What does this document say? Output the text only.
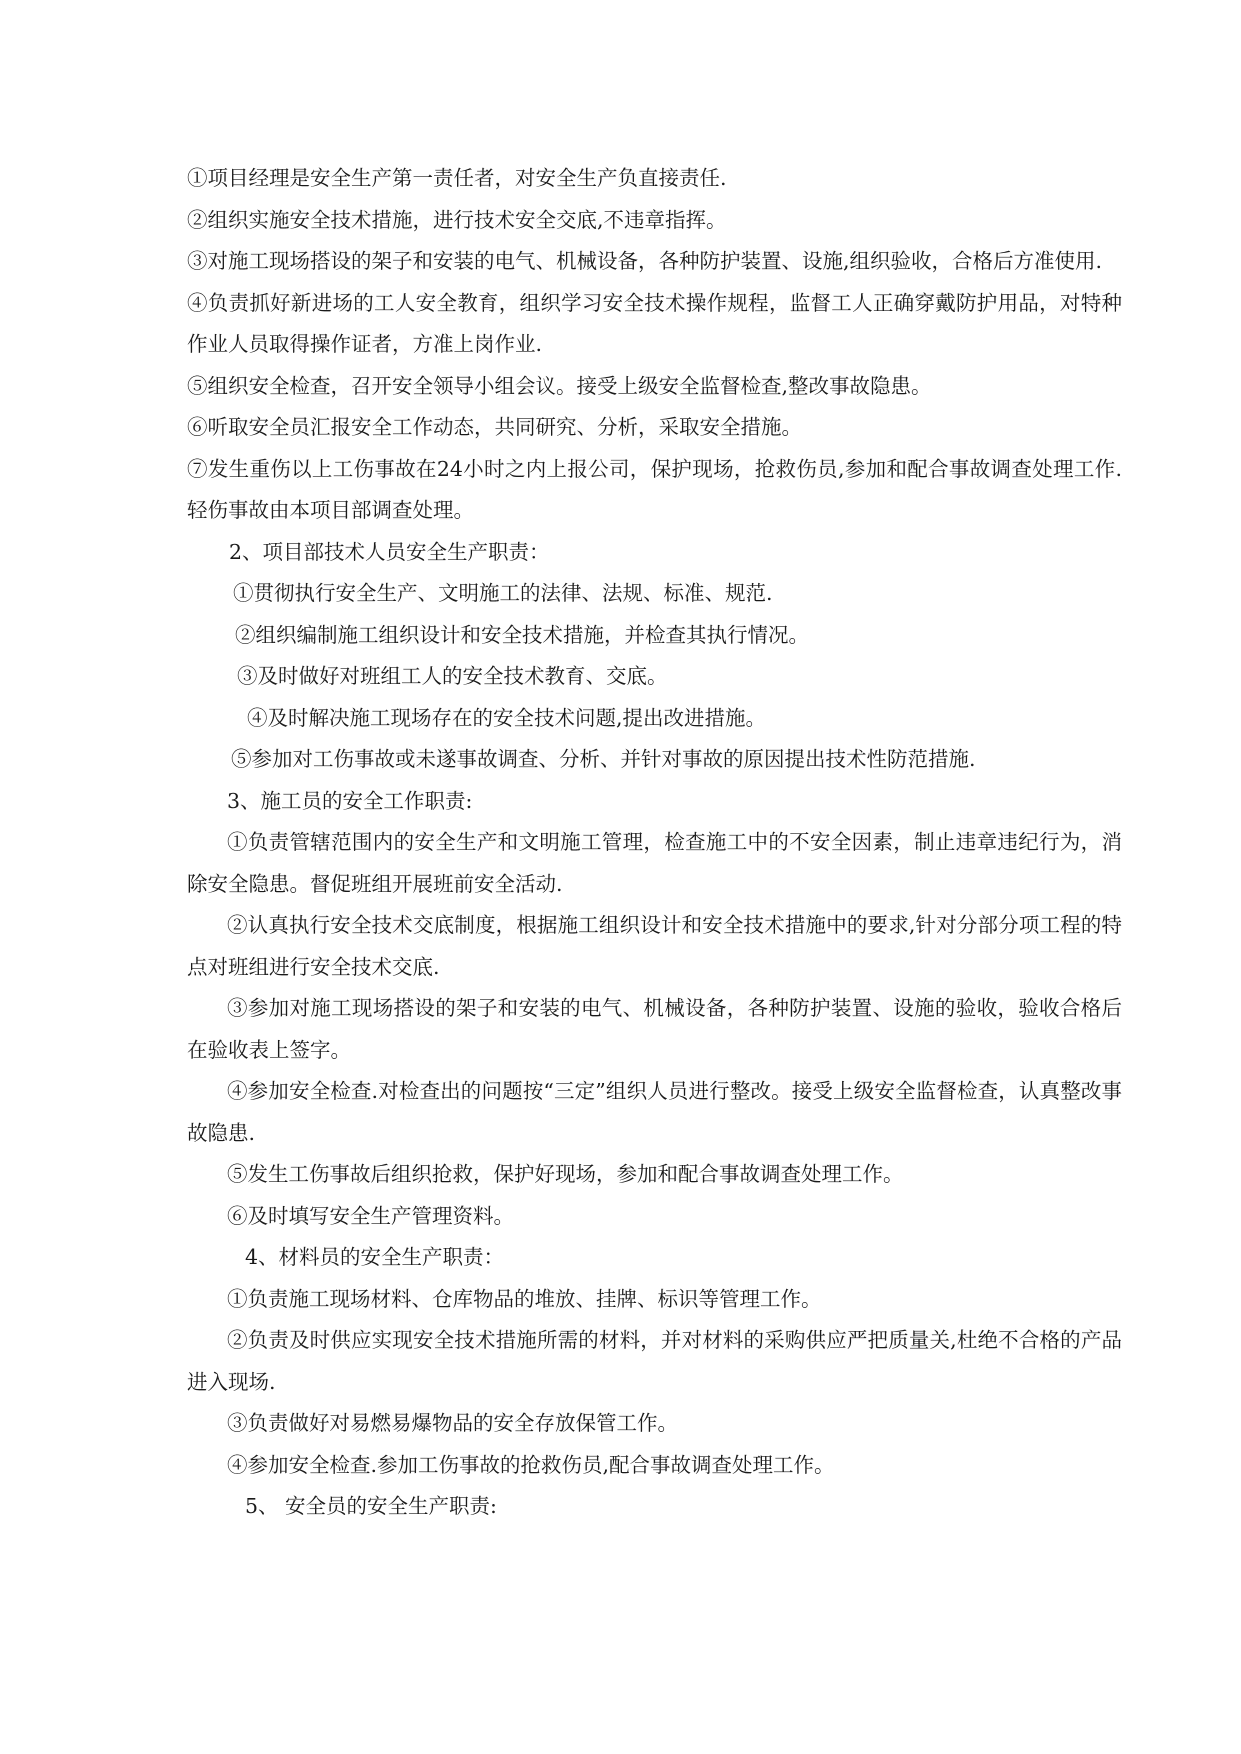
①项目经理是安全生产第一责任者，对安全生产负直接责任.

②组织实施安全技术措施，进行技术安全交底,不违章指挥。

③对施工现场搭设的架子和安装的电气、机械设备，各种防护装置、设施,组织验收，合格后方准使用.

④负责抓好新进场的工人安全教育，组织学习安全技术操作规程，监督工人正确穿戴防护用品，对特种作业人员取得操作证者，方准上岗作业.

⑤组织安全检查，召开安全领导小组会议。接受上级安全监督检查,整改事故隐患。

⑥听取安全员汇报安全工作动态，共同研究、分析，采取安全措施。

⑦发生重伤以上工伤事故在24小时之内上报公司，保护现场，抢救伤员,参加和配合事故调查处理工作.轻伤事故由本项目部调查处理。

2、项目部技术人员安全生产职责：

①贯彻执行安全生产、文明施工的法律、法规、标准、规范.

②组织编制施工组织设计和安全技术措施，并检查其执行情况。

③及时做好对班组工人的安全技术教育、交底。

④及时解决施工现场存在的安全技术问题,提出改进措施。

⑤参加对工伤事故或未遂事故调查、分析、并针对事故的原因提出技术性防范措施.

3、施工员的安全工作职责:

①负责管辖范围内的安全生产和文明施工管理，检查施工中的不安全因素，制止违章违纪行为，消除安全隐患。督促班组开展班前安全活动.

②认真执行安全技术交底制度，根据施工组织设计和安全技术措施中的要求,针对分部分项工程的特点对班组进行安全技术交底.

③参加对施工现场搭设的架子和安装的电气、机械设备，各种防护装置、设施的验收，验收合格后在验收表上签字。

④参加安全检查.对检查出的问题按“三定”组织人员进行整改。接受上级安全监督检查，认真整改事故隐患.

⑤发生工伤事故后组织抢救，保护好现场，参加和配合事故调查处理工作。

⑥及时填写安全生产管理资料。

4、材料员的安全生产职责：

①负责施工现场材料、仓库物品的堆放、挂牌、标识等管理工作。

②负责及时供应实现安全技术措施所需的材料，并对材料的采购供应严把质量关,杜绝不合格的产品进入现场.

③负责做好对易燃易爆物品的安全存放保管工作。

④参加安全检查.参加工伤事故的抢救伤员,配合事故调查处理工作。

5、 安全员的安全生产职责:
